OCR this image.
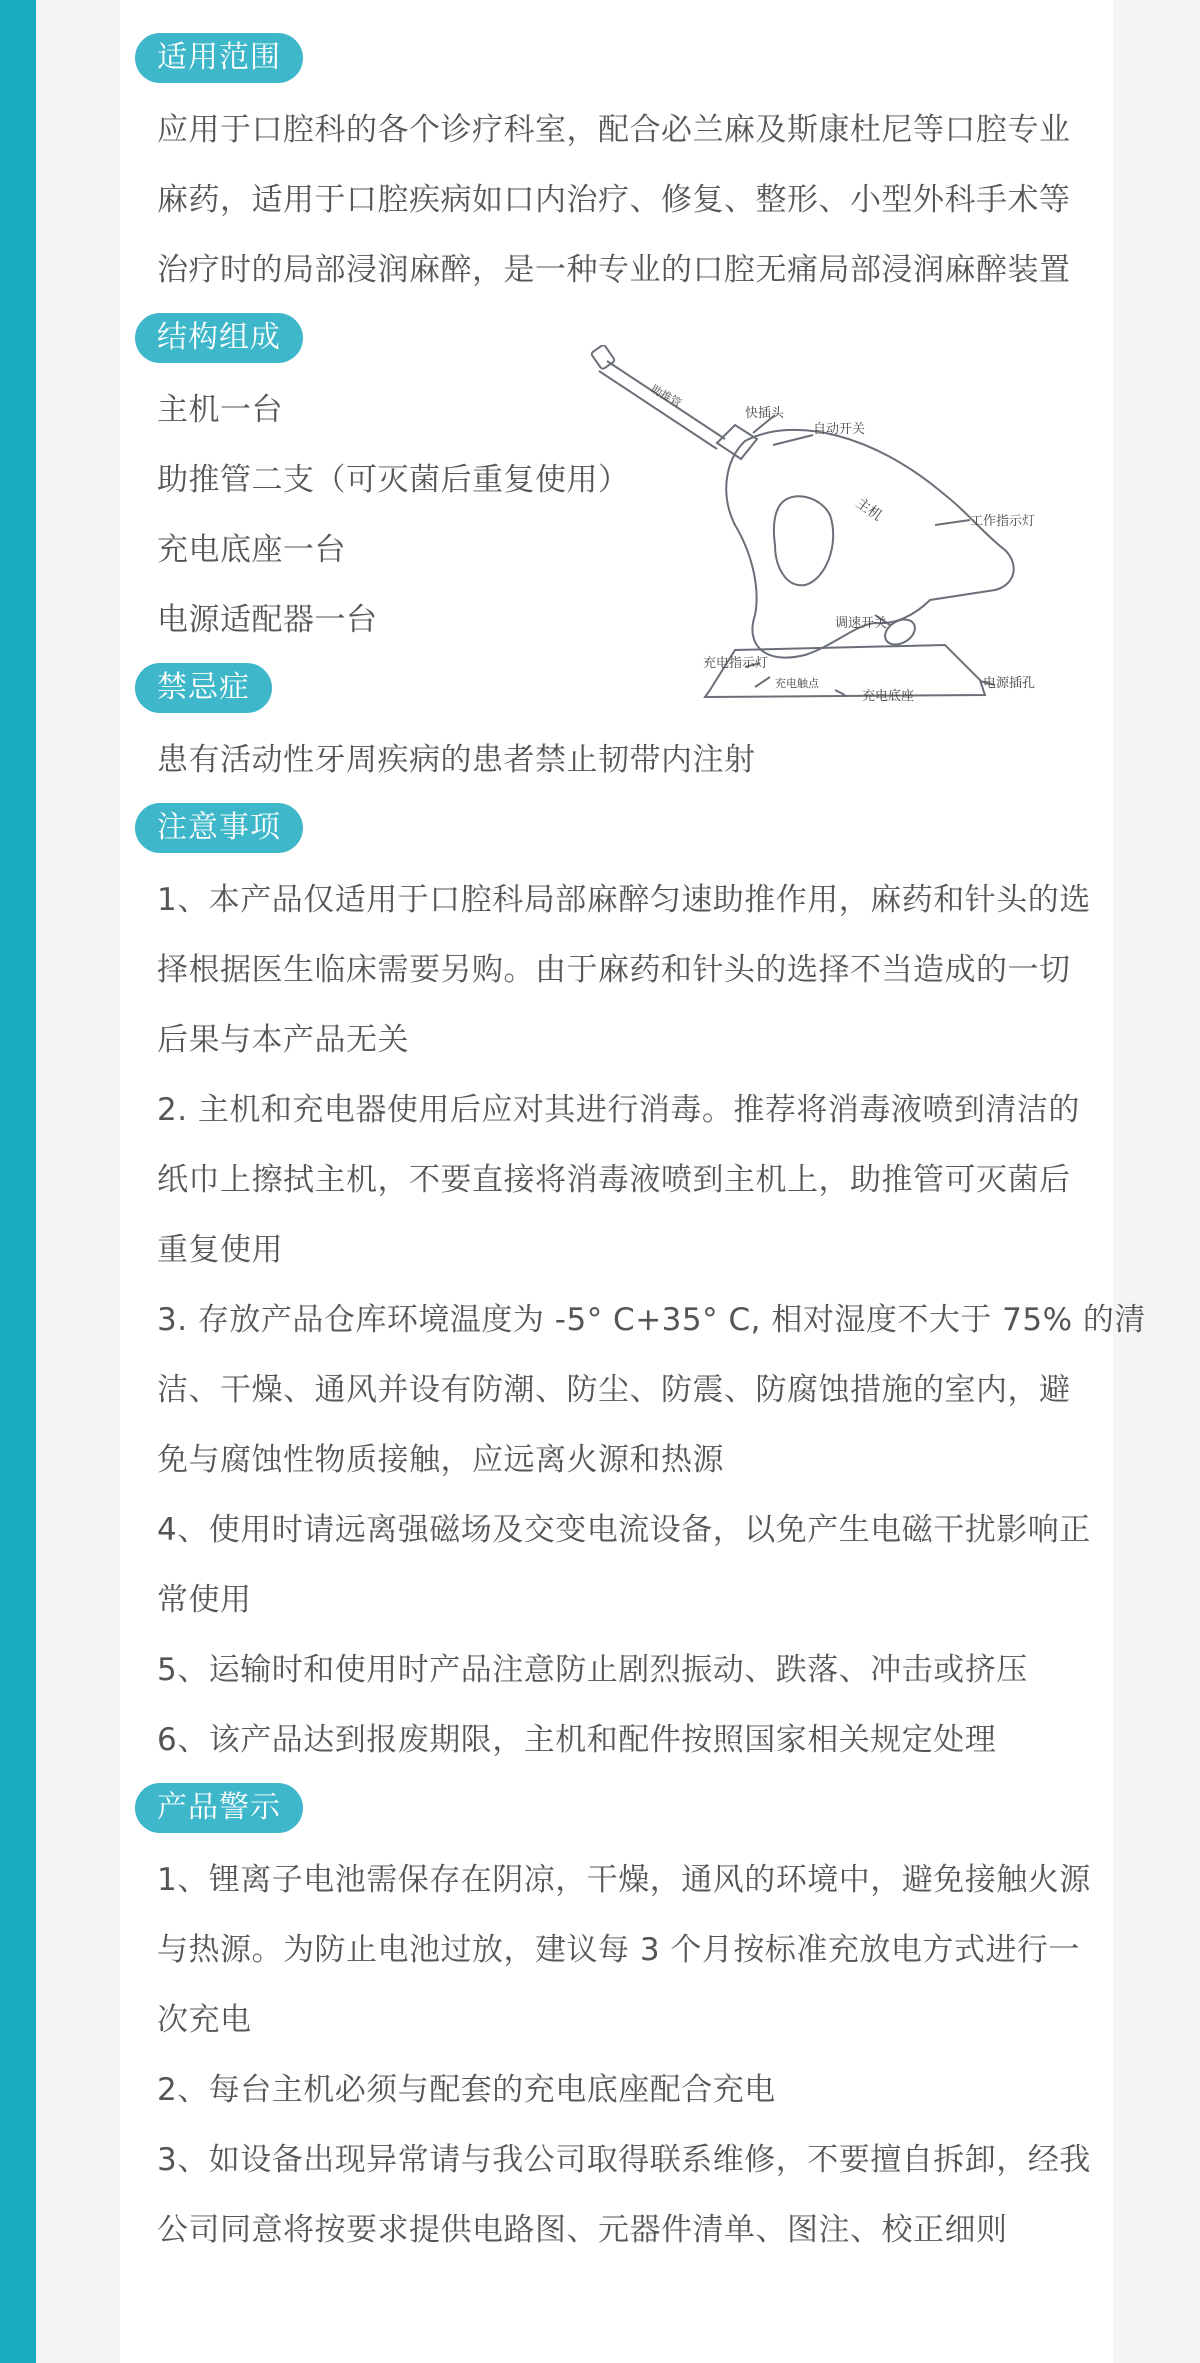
适用范围
应用于口腔科的各个诊疗科室，配合必兰麻及斯康杜尼等口腔专业
麻药，适用于口腔疾病如口内治疗、修复、整形、小型外科手术等
治疗时的局部浸润麻醉，是一种专业的口腔无痛局部浸润麻醉装置
结构组成
主机一台
助推管二支（可灭菌后重复使用）
充电底座一台
电源适配器一台
助推管
快插头
自动开关
主机	工作指示灯
调速开关
充电指示灯
充电触点
充电底座
电源插孔
禁忌症
患有活动性牙周疾病的患者禁止韧带内注射
注意事项
1、本产品仅适用于口腔科局部麻醉匀速助推作用，麻药和针头的选
择根据医生临床需要另购。由于麻药和针头的选择不当造成的一切
后果与本产品无关
2. 主机和充电器使用后应对其进行消毒。推荐将消毒液喷到清洁的
纸巾上擦拭主机，不要直接将消毒液喷到主机上，助推管可灭菌后
重复使用
3. 存放产品仓库环境温度为 -5° C+35° C, 相对湿度不大于 75% 的清
洁、干燥、通风并设有防潮、防尘、防震、防腐蚀措施的室内，避
免与腐蚀性物质接触，应远离火源和热源
4、使用时请远离强磁场及交变电流设备，以免产生电磁干扰影响正
常使用
5、运输时和使用时产品注意防止剧烈振动、跌落、冲击或挤压
6、该产品达到报废期限，主机和配件按照国家相关规定处理
产品警示
1、锂离子电池需保存在阴凉，干燥，通风的环境中，避免接触火源
与热源。为防止电池过放，建议每 3 个月按标准充放电方式进行一
次充电
2、每台主机必须与配套的充电底座配合充电
3、如设备出现异常请与我公司取得联系维修，不要擅自拆卸，经我
公司同意将按要求提供电路图、元器件清单、图注、校正细则
